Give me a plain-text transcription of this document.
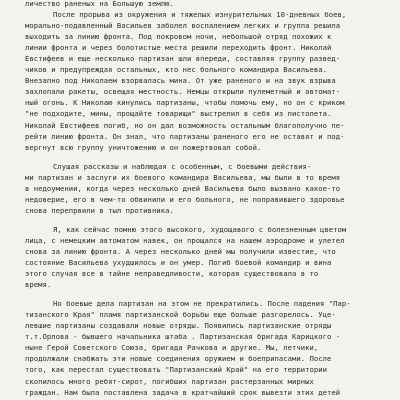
личество раненых на Большую землю.
После прорыва из окружения и тяжелых изнурительных 10-дневных боев,
морально-подавленный Васильев заболел воспалением легких и группа решила
выходить за линию фронта. Под покровом ночи, небольшой отряд похожих к
линии фронта и через болотистые места решили переходить фронт. Николай
Евстифеев и еще несколько партизан шли впереди, составляя группу развед-
чиков и предупреждая остальных, кто нес больного командира Васильева.
Внезапно под Николаем взорвалась мина. От уже раненого и на звук взрыва
захлопали ракеты, освещая местность. Немцы открыли пулеметный и автомат-
ный огонь. К Николаю кинулись партизаны, чтобы помочь ему, но он с криком
"не подходите, мины, прощайте товарищи" выстрелил в себя из пистолета.
Николай Евстифеев погиб, но он дал возможность остальным благополучно пе-
рейти линию фронта. Он знал, что партизаны раненого его не оставят и под-
вергнут всю группу уничтожению и он пожертвовал собой.
Слушая рассказы и наблюдая с особенным, с боевыми действия-
ми партизан и заслуги их боевого командира Васильева, мы были в то время
в недоумении, когда через несколько дней Васильева было вызвано какое-то
недоверие, его в чем-то обвинили и его больного, не поправившего здоровье
снова перепрвили в тыл противника.
Я, как сейчас помню этого высокого, худощавого с болезненным цветом
лица, с немецким автоматом навек, он прощался на нашем аэродроме и улетел
снова за линию фронта. А через несколько дней мы получили известие, что
состояние Васильева ухудшилось и он умер. Погиб боевой командир и вина
этого случая все в тайне неправедливости, которая существовала в то
время.
Но боевые дела партизан на этом не прекратились. После падения "Пар-
тизанского Края" пламя партизанской борьбы еще больше разгорелось. Уце-
левшие партизаны создавали новые отряды. Появились партизанские отряды
т.т.Орлова - бывшего начальника штаба . Партизанская бригада Карицкого -
ныне Герой Советского Союза, бригада Рачкова и другие. Мы, летчики,
продолжали снабжать эти новые соединения оружием и боеприпасами. После
того, как перестал существовать "Партизанский Край" на его территории
скопилось много ребят-сирот, погибших партизан растерзанных мирных
граждан. Нам была поставлена задача в кратчайший срок вывезти этих детей
